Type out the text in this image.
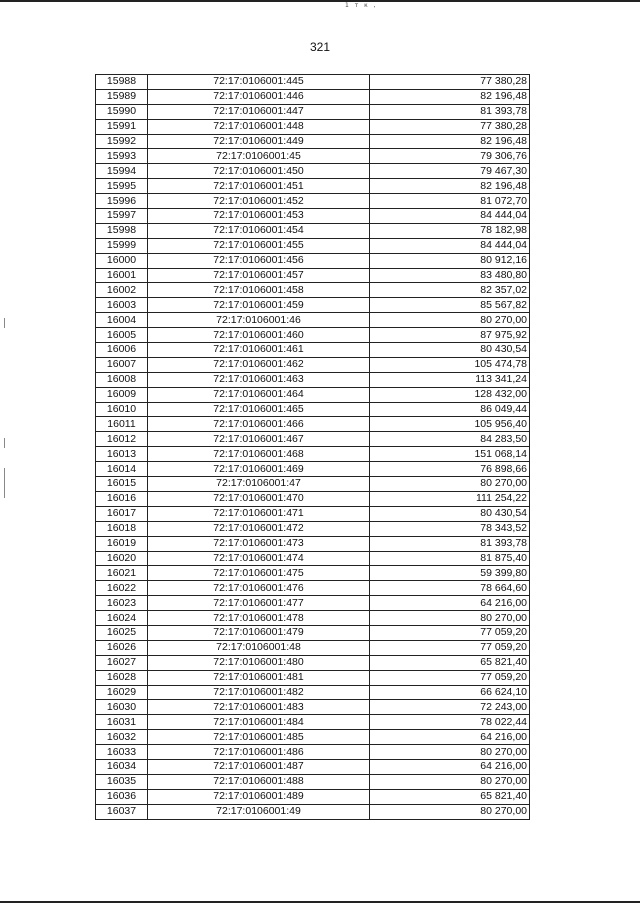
1 т к ,
321
15988	72:17:0106001:445	77 380,28
15989	72:17:0106001:446	82 196,48
15990	72:17:0106001:447	81 393,78
15991	72:17:0106001:448	77 380,28
15992	72:17:0106001:449	82 196,48
15993	72:17:0106001:45	79 306,76
15994	72:17:0106001:450	79 467,30
15995	72:17:0106001:451	82 196,48
15996	72:17:0106001:452	81 072,70
15997	72:17:0106001:453	84 444,04
15998	72:17:0106001:454	78 182,98
15999	72:17:0106001:455	84 444,04
16000	72:17:0106001:456	80 912,16
16001	72:17:0106001:457	83 480,80
16002	72:17:0106001:458	82 357,02
16003	72:17:0106001:459	85 567,82
16004	72:17:0106001:46	80 270,00
16005	72:17:0106001:460	87 975,92
16006	72:17:0106001:461	80 430,54
16007	72:17:0106001:462	105 474,78
16008	72:17:0106001:463	113 341,24
16009	72:17:0106001:464	128 432,00
16010	72:17:0106001:465	86 049,44
16011	72:17:0106001:466	105 956,40
16012	72:17:0106001:467	84 283,50
16013	72:17:0106001:468	151 068,14
16014	72:17:0106001:469	76 898,66
16015	72:17:0106001:47	80 270,00
16016	72:17:0106001:470	111 254,22
16017	72:17:0106001:471	80 430,54
16018	72:17:0106001:472	78 343,52
16019	72:17:0106001:473	81 393,78
16020	72:17:0106001:474	81 875,40
16021	72:17:0106001:475	59 399,80
16022	72:17:0106001:476	78 664,60
16023	72:17:0106001:477	64 216,00
16024	72:17:0106001:478	80 270,00
16025	72:17:0106001:479	77 059,20
16026	72:17:0106001:48	77 059,20
16027	72:17:0106001:480	65 821,40
16028	72:17:0106001:481	77 059,20
16029	72:17:0106001:482	66 624,10
16030	72:17:0106001:483	72 243,00
16031	72:17:0106001:484	78 022,44
16032	72:17:0106001:485	64 216,00
16033	72:17:0106001:486	80 270,00
16034	72:17:0106001:487	64 216,00
16035	72:17:0106001:488	80 270,00
16036	72:17:0106001:489	65 821,40
16037	72:17:0106001:49	80 270,00
